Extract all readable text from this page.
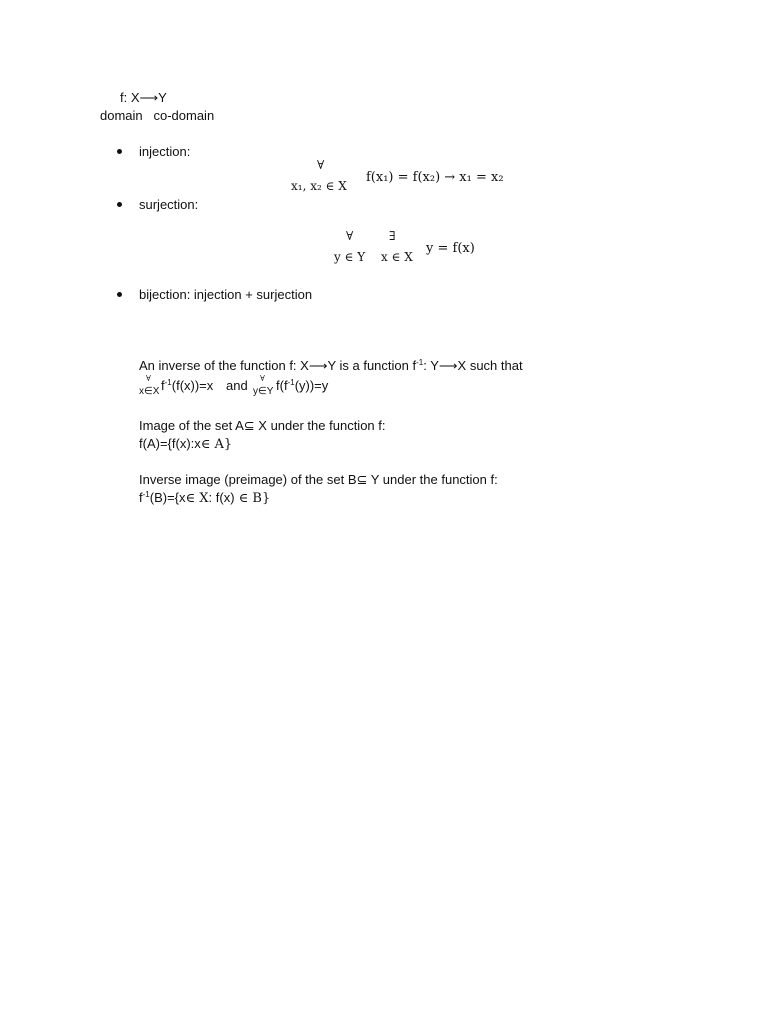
f: X⟶Y
domain   co-domain
injection:
∀
x₁, x₂ ∈ X
f(x₁) = f(x₂) → x₁ = x₂
surjection:
∀	∃
y ∈ Y x ∈ X
y = f(x)
bijection: injection + surjection
An inverse of the function f: X⟶Y is a function $f^{-1}$: Y⟶X such that
∀
x∈X $f^{-1}(f(x))=x$ and ∀
y∈Y $f(f^{-1}(y))=y$
Image of the set A⊆ X under the function f:
f(A)={f(x):x∈ A}
Inverse image (preimage) of the set B⊆ Y under the function f:
$f^{-1}(B)=\{x\in$ X: f(x) ∈ B}
